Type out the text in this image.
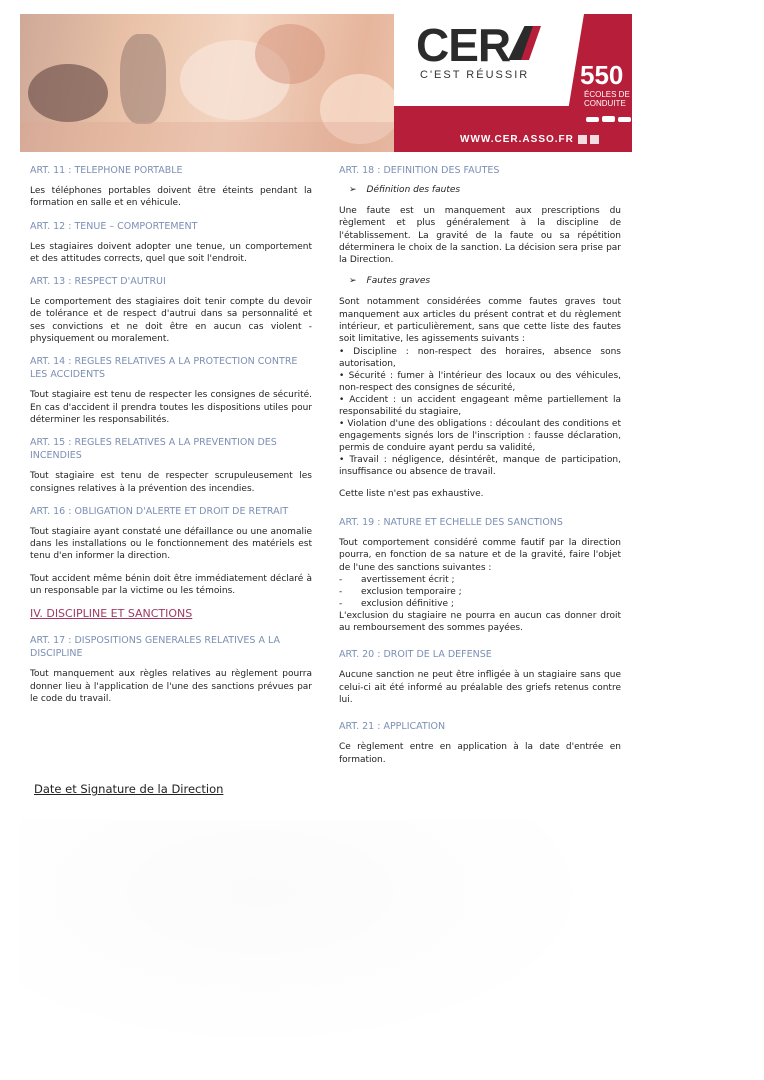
CER
C'EST RÉUSSIR 550
ÉCOLES DE CONDUITE
WWW.CER.ASSO.FR
ART. 11 : TELEPHONE PORTABLE

Les téléphones portables doivent être éteints pendant la formation en salle et en véhicule.

ART. 12 : TENUE – COMPORTEMENT

Les stagiaires doivent adopter une tenue, un comportement et des attitudes corrects, quel que soit l'endroit.

ART. 13 : RESPECT D'AUTRUI

Le comportement des stagiaires doit tenir compte du devoir de tolérance et de respect d'autrui dans sa personnalité et ses convictions et ne doit être en aucun cas violent - physiquement ou moralement.

ART. 14 : REGLES RELATIVES A LA PROTECTION CONTRE LES ACCIDENTS

Tout stagiaire est tenu de respecter les consignes de sécurité. En cas d'accident il prendra toutes les dispositions utiles pour déterminer les responsabilités.

ART. 15 : REGLES RELATIVES A LA PREVENTION DES INCENDIES

Tout stagiaire est tenu de respecter scrupuleusement les consignes relatives à la prévention des incendies.

ART. 16 : OBLIGATION D'ALERTE ET DROIT DE RETRAIT

Tout stagiaire ayant constaté une défaillance ou une anomalie dans les installations ou le fonctionnement des matériels est tenu d'en informer la direction.

Tout accident même bénin doit être immédiatement déclaré à un responsable par la victime ou les témoins.

IV. DISCIPLINE ET SANCTIONS
ART. 17 : DISPOSITIONS GENERALES RELATIVES A LA DISCIPLINE

Tout manquement aux règles relatives au règlement pourra donner lieu à l'application de l'une des sanctions prévues par le code du travail.

ART. 18 : DEFINITION DES FAUTES
➢ Définition des fautes

Une faute est un manquement aux prescriptions du règlement et plus généralement à la discipline de l'établissement. La gravité de la faute ou sa répétition déterminera le choix de la sanction. La décision sera prise par la Direction.

➢ Fautes graves

Sont notamment considérées comme fautes graves tout manquement aux articles du présent contrat et du règlement intérieur, et particulièrement, sans que cette liste des fautes soit limitative, les agissements suivants :

• Discipline : non-respect des horaires, absence sons autorisation,
• Sécurité : fumer à l'intérieur des locaux ou des véhicules, non-respect des consignes de sécurité,
• Accident : un accident engageant même partiellement la responsabilité du stagiaire,
• Violation d'une des obligations : découlant des conditions et engagements signés lors de l'inscription : fausse déclaration, permis de conduire ayant perdu sa validité,
• Travail : négligence, désintérêt, manque de participation, insuffisance ou absence de travail.

Cette liste n'est pas exhaustive.

ART. 19 : NATURE ET ECHELLE DES SANCTIONS

Tout comportement considéré comme fautif par la direction pourra, en fonction de sa nature et de la gravité, faire l'objet de l'une des sanctions suivantes :

- avertissement écrit ;
- exclusion temporaire ;
- exclusion définitive ;

L'exclusion du stagiaire ne pourra en aucun cas donner droit au remboursement des sommes payées.

ART. 20 : DROIT DE LA DEFENSE

Aucune sanction ne peut être infligée à un stagiaire sans que celui-ci ait été informé au préalable des griefs retenus contre lui.

ART. 21 : APPLICATION

Ce règlement entre en application à la date d'entrée en formation.

Date et Signature de la Direction
